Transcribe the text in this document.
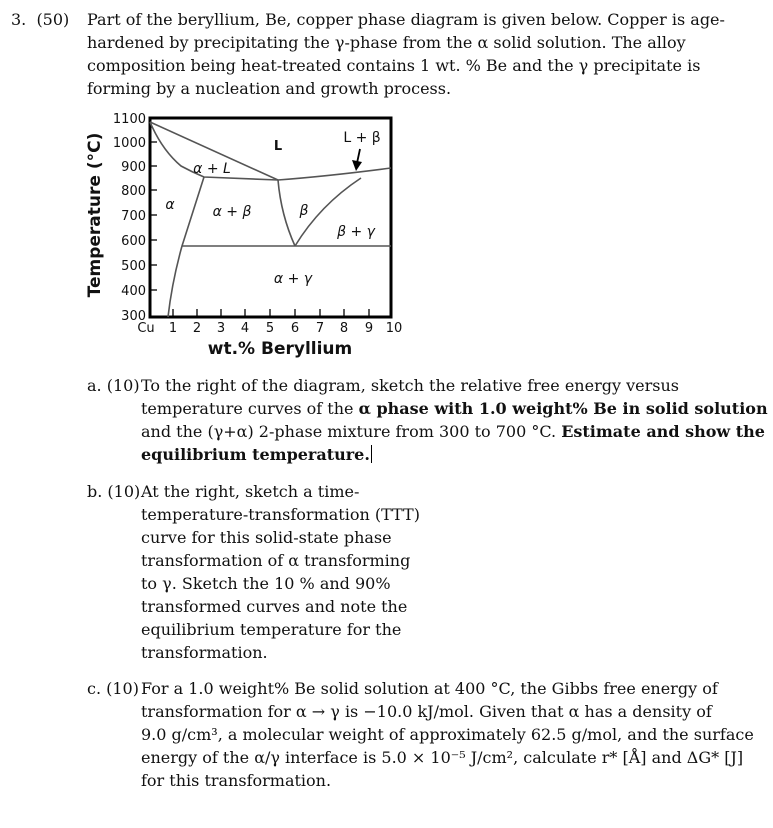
3. (50) Part of the beryllium, Be, copper phase diagram is given below. Copper is age-
hardened by precipitating the γ-phase from the α solid solution. The alloy
composition being heat-treated contains 1 wt. % Be and the γ precipitate is
forming by a nucleation and growth process.
Temperature (°C)
1100
1000
900
800
700
600
500
400
300
Cu 1 2 3 4 5 6 7 8 9 10
L
L + β
α + L
α	α + β	β
β + γ
α + γ
wt.% Beryllium
a. (10) To the right of the diagram, sketch the relative free energy versus
temperature curves of the α phase with 1.0 weight% Be in solid solution
and the (γ+α) 2-phase mixture from 300 to 700 °C. Estimate and show the
equilibrium temperature.
b. (10) At the right, sketch a time-
temperature-transformation (TTT)
curve for this solid-state phase
transformation of α transforming
to γ. Sketch the 10 % and 90%
transformed curves and note the
equilibrium temperature for the
transformation.
c. (10) For a 1.0 weight% Be solid solution at 400 °C, the Gibbs free energy of
transformation for α → γ is −10.0 kJ/mol. Given that α has a density of
9.0 g/cm³, a molecular weight of approximately 62.5 g/mol, and the surface
energy of the α/γ interface is 5.0 × 10⁻⁵ J/cm², calculate r* [Å] and ΔG* [J]
for this transformation.
